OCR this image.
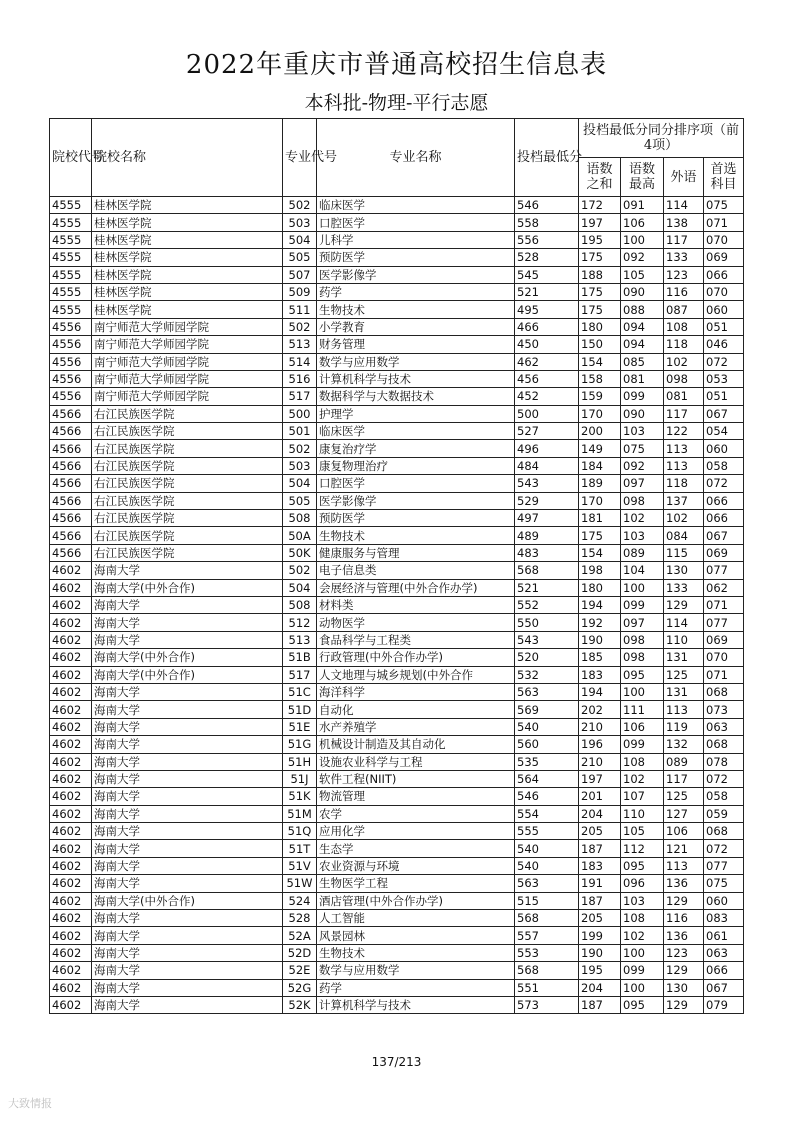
2022年重庆市普通高校招生信息表
本科批-物理-平行志愿
院校代号	院校名称	专业代号	专业名称	投档最低分	投档最低分同分排序项（前4项）			
					语数之和	语数最高	外语	首选科目
4555	桂林医学院	502	临床医学	546	172	091	114	075
4555	桂林医学院	503	口腔医学	558	197	106	138	071
4555	桂林医学院	504	儿科学	556	195	100	117	070
4555	桂林医学院	505	预防医学	528	175	092	133	069
4555	桂林医学院	507	医学影像学	545	188	105	123	066
4555	桂林医学院	509	药学	521	175	090	116	070
4555	桂林医学院	511	生物技术	495	175	088	087	060
4556	南宁师范大学师园学院	502	小学教育	466	180	094	108	051
4556	南宁师范大学师园学院	513	财务管理	450	150	094	118	046
4556	南宁师范大学师园学院	514	数学与应用数学	462	154	085	102	072
4556	南宁师范大学师园学院	516	计算机科学与技术	456	158	081	098	053
4556	南宁师范大学师园学院	517	数据科学与大数据技术	452	159	099	081	051
4566	右江民族医学院	500	护理学	500	170	090	117	067
4566	右江民族医学院	501	临床医学	527	200	103	122	054
4566	右江民族医学院	502	康复治疗学	496	149	075	113	060
4566	右江民族医学院	503	康复物理治疗	484	184	092	113	058
4566	右江民族医学院	504	口腔医学	543	189	097	118	072
4566	右江民族医学院	505	医学影像学	529	170	098	137	066
4566	右江民族医学院	508	预防医学	497	181	102	102	066
4566	右江民族医学院	50A	生物技术	489	175	103	084	067
4566	右江民族医学院	50K	健康服务与管理	483	154	089	115	069
4602	海南大学	502	电子信息类	568	198	104	130	077
4602	海南大学(中外合作)	504	会展经济与管理(中外合作办学)	521	180	100	133	062
4602	海南大学	508	材料类	552	194	099	129	071
4602	海南大学	512	动物医学	550	192	097	114	077
4602	海南大学	513	食品科学与工程类	543	190	098	110	069
4602	海南大学(中外合作)	51B	行政管理(中外合作办学)	520	185	098	131	070
4602	海南大学(中外合作)	517	人文地理与城乡规划(中外合作	532	183	095	125	071
4602	海南大学	51C	海洋科学	563	194	100	131	068
4602	海南大学	51D	自动化	569	202	111	113	073
4602	海南大学	51E	水产养殖学	540	210	106	119	063
4602	海南大学	51G	机械设计制造及其自动化	560	196	099	132	068
4602	海南大学	51H	设施农业科学与工程	535	210	108	089	078
4602	海南大学	51J	软件工程(NIIT)	564	197	102	117	072
4602	海南大学	51K	物流管理	546	201	107	125	058
4602	海南大学	51M	农学	554	204	110	127	059
4602	海南大学	51Q	应用化学	555	205	105	106	068
4602	海南大学	51T	生态学	540	187	112	121	072
4602	海南大学	51V	农业资源与环境	540	183	095	113	077
4602	海南大学	51W	生物医学工程	563	191	096	136	075
4602	海南大学(中外合作)	524	酒店管理(中外合作办学)	515	187	103	129	060
4602	海南大学	528	人工智能	568	205	108	116	083
4602	海南大学	52A	风景园林	557	199	102	136	061
4602	海南大学	52D	生物技术	553	190	100	123	063
4602	海南大学	52E	数学与应用数学	568	195	099	129	066
4602	海南大学	52G	药学	551	204	100	130	067
4602	海南大学	52K	计算机科学与技术	573	187	095	129	079
137/213
大致情报
